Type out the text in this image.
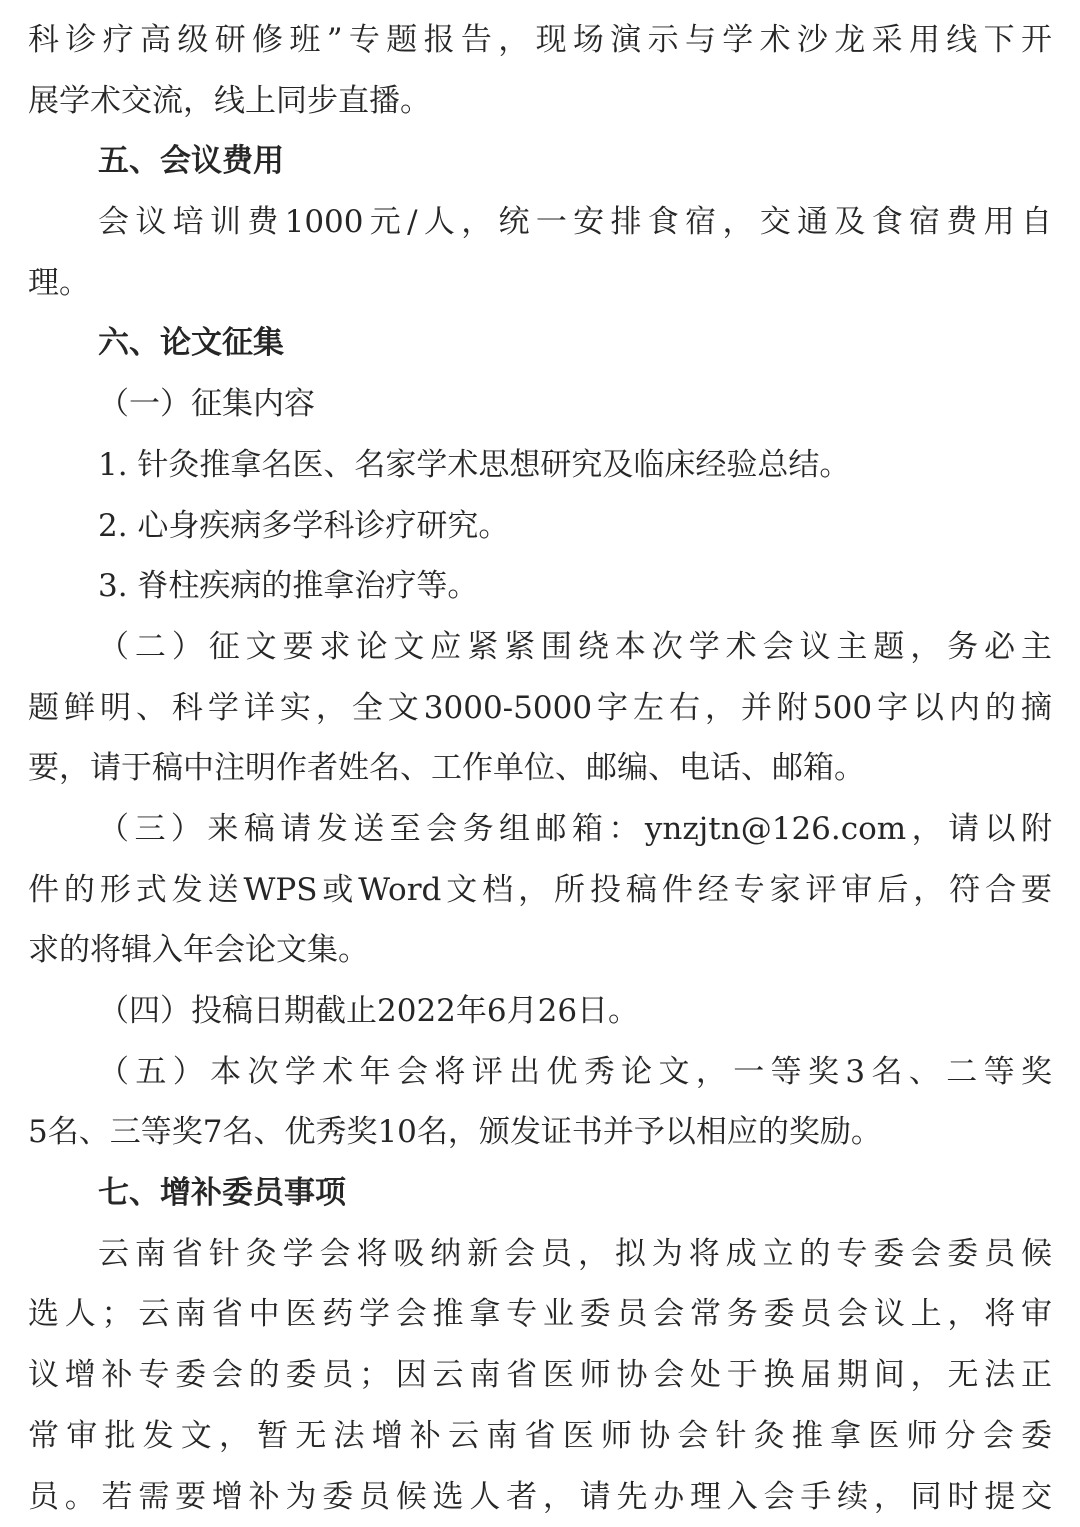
科诊疗高级研修班”专题报告，现场演示与学术沙龙采用线下开
展学术交流，线上同步直播。
五、会议费用
会议培训费1000元/人，统一安排食宿，交通及食宿费用自
理。
六、论文征集
（一）征集内容
1. 针灸推拿名医、名家学术思想研究及临床经验总结。
2. 心身疾病多学科诊疗研究。
3. 脊柱疾病的推拿治疗等。
（二）征文要求论文应紧紧围绕本次学术会议主题，务必主
题鲜明、科学详实，全文3000-5000字左右，并附500字以内的摘
要，请于稿中注明作者姓名、工作单位、邮编、电话、邮箱。
（三）来稿请发送至会务组邮箱：ynzjtn@126.com，请以附
件的形式发送WPS或Word文档，所投稿件经专家评审后，符合要
求的将辑入年会论文集。
（四）投稿日期截止2022年6月26日。
（五）本次学术年会将评出优秀论文，一等奖3名、二等奖
5名、三等奖7名、优秀奖10名，颁发证书并予以相应的奖励。
七、增补委员事项
云南省针灸学会将吸纳新会员，拟为将成立的专委会委员候
选人；云南省中医药学会推拿专业委员会常务委员会议上，将审
议增补专委会的委员；因云南省医师协会处于换届期间，无法正
常审批发文，暂无法增补云南省医师协会针灸推拿医师分会委
员。若需要增补为委员候选人者，请先办理入会手续，同时提交
